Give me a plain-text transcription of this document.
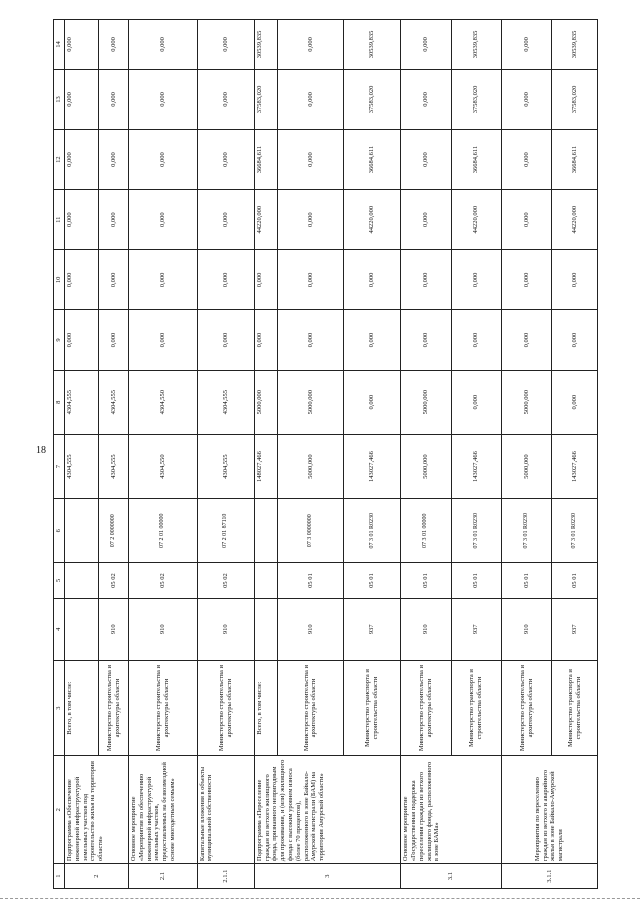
18
1	2	3	4	5	6	7	8	9	10	11	12	13	14
2	Подпрограмма «Обеспечение инженерной инфраструктурой земельных участков под строительство жилья на территории области»	Всего, в том числе:				4304,555	4304,555	0,000	0,000	0,000	0,000	0,000	0,000
		Министерство строительства и архитектуры области	910	05 02	07 2 0000000	4304,555	4304,555	0,000	0,000	0,000	0,000	0,000	0,000
2.1	Основное мероприятие «Мероприятия по обеспечению инженерной инфраструктурой земельных участков, предоставляемых на безвозмездной основе многодетным семьям»	Министерство строительства и архитектуры области	910	05 02	07 2 01 00000	4304,550	4304,550	0,000	0,000	0,000	0,000	0,000	0,000
2.1.1	Капитальные вложения в объекты муниципальной собственности	Министерство строительства и архитектуры области	910	05 02	07 2 01 87110	4304,555	4304,555	0,000	0,000	0,000	0,000	0,000	0,000
3	Подпрограмма «Переселение граждан из ветхого жилищного фонда, признанного непригодным для проживания, и (или) жилищного фонда с высоким уровнем износа (более 70 процентов), расположенного в зоне Байкало-Амурской магистрали (БАМ) на территории Амурской области»	Всего, в том числе:				148027,466	5000,000	0,000	0,000	44220,000	36684,611	37583,020	30539,835
		Министерство строительства и архитектуры области	910	05 01	07 3 0000000	5000,000	5000,000	0,000	0,000	0,000	0,000	0,000	0,000
		Министерство транспорта и строительства области	937	05 01	07 3 01 R0230	143027,466	0,000	0,000	0,000	44220,000	36684,611	37583,020	30539,835
3.1	Основное мероприятие «Государственная поддержка переселения граждан из ветхого жилищного фонда, расположенного в зоне БАМа»	Министерство строительства и архитектуры области	910	05 01	07 3 01 00000	5000,000	5000,000	0,000	0,000	0,000	0,000	0,000	0,000
		Министерство транспорта и строительства области	937	05 01	07 3 01 R0230	143027,466	0,000	0,000	0,000	44220,000	36684,611	37583,020	30539,835
3.1.1	Мероприятия по переселению граждан из ветхого и аварийного жилья в зоне Байкало-Амурской магистрали	Министерство строительства и архитектуры области	910	05 01	07 3 01 R0230	5000,000	5000,000	0,000	0,000	0,000	0,000	0,000	0,000
		Министерство транспорта и строительства области	937	05 01	07 3 01 R0230	143027,466	0,000	0,000	0,000	44220,000	36684,611	37583,020	30539,835
